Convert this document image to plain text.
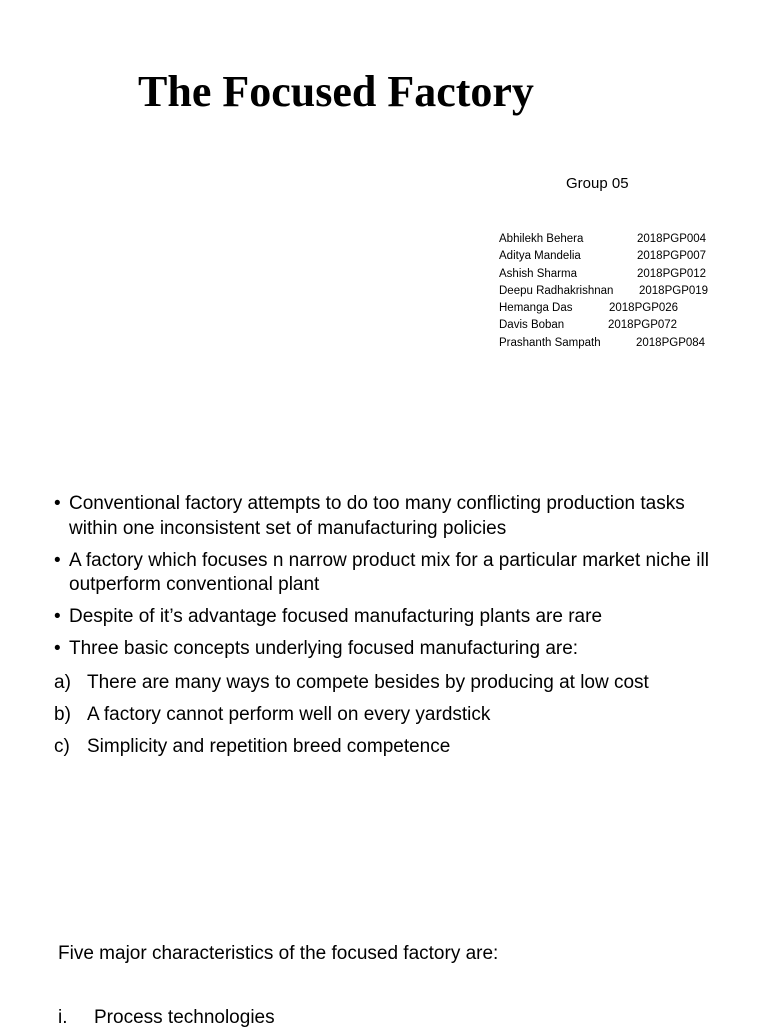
The Focused Factory
Group 05
Abhilekh Behera	2018PGP004
Aditya Mandelia	2018PGP007
Ashish Sharma	2018PGP012
Deepu Radhakrishnan 2018PGP019
Hemanga Das	2018PGP026
Davis Boban	2018PGP072
Prashanth Sampath	2018PGP084
• Conventional factory attempts to do too many conflicting production tasks within one inconsistent set of manufacturing policies
• A factory which focuses n narrow product mix for a particular market niche ill outperform conventional plant
• Despite of it’s advantage focused manufacturing plants are rare
• Three basic concepts underlying focused manufacturing are:
a) There are many ways to compete besides by producing at low cost
b) A factory cannot perform well on every yardstick
c) Simplicity and repetition breed competence
Five major characteristics of the focused factory are:
i. Process technologies
